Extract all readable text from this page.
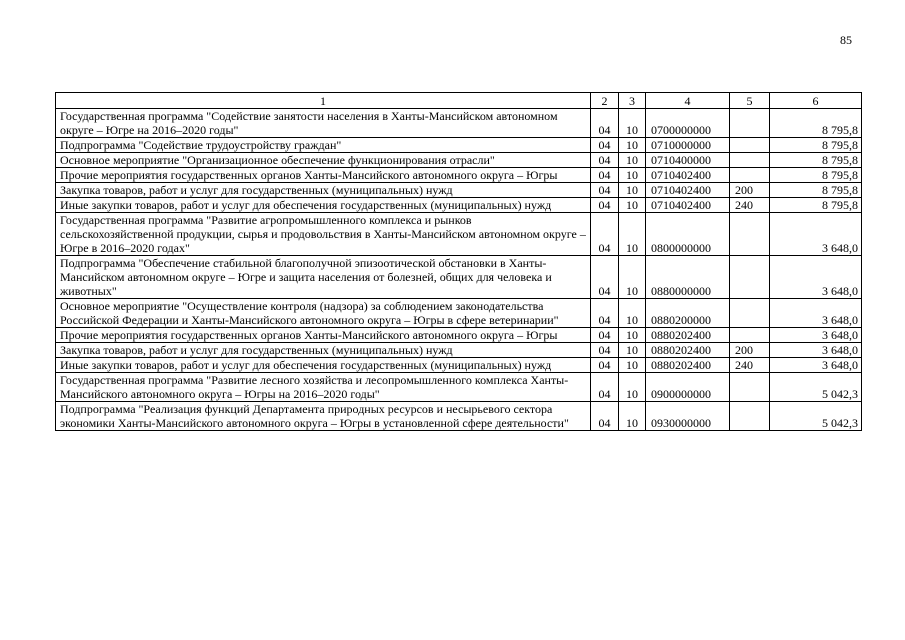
85
1	2	3	4	5	6
Государственная программа "Содействие занятости населения в Ханты-Мансийском автономном округе – Югре на 2016–2020 годы"	04	10	0700000000		8 795,8
Подпрограмма "Содействие трудоустройству граждан"	04	10	0710000000		8 795,8
Основное мероприятие "Организационное обеспечение функционирования отрасли"	04	10	0710400000		8 795,8
Прочие мероприятия государственных органов Ханты-Мансийского автономного округа – Югры	04	10	0710402400		8 795,8
Закупка товаров, работ и услуг для государственных (муниципальных) нужд	04	10	0710402400	200	8 795,8
Иные закупки товаров, работ и услуг для обеспечения государственных (муниципальных) нужд	04	10	0710402400	240	8 795,8
Государственная программа "Развитие агропромышленного комплекса и рынков сельскохозяйственной продукции, сырья и продовольствия в Ханты-Мансийском автономном округе – Югре в 2016–2020 годах"	04	10	0800000000		3 648,0
Подпрограмма "Обеспечение стабильной благополучной эпизоотической обстановки в Ханты-Мансийском автономном округе – Югре и защита населения от болезней, общих для человека и животных"	04	10	0880000000		3 648,0
Основное мероприятие "Осуществление контроля (надзора) за соблюдением законодательства Российской Федерации и Ханты-Мансийского автономного округа – Югры в сфере ветеринарии"	04	10	0880200000		3 648,0
Прочие мероприятия государственных органов Ханты-Мансийского автономного округа – Югры	04	10	0880202400		3 648,0
Закупка товаров, работ и услуг для государственных (муниципальных) нужд	04	10	0880202400	200	3 648,0
Иные закупки товаров, работ и услуг для обеспечения государственных (муниципальных) нужд	04	10	0880202400	240	3 648,0
Государственная программа "Развитие лесного хозяйства и лесопромышленного комплекса Ханты-Мансийского автономного округа – Югры на 2016–2020 годы"	04	10	0900000000		5 042,3
Подпрограмма "Реализация функций Департамента природных ресурсов и несырьевого сектора экономики Ханты-Мансийского автономного округа – Югры в установленной сфере деятельности"	04	10	0930000000		5 042,3
